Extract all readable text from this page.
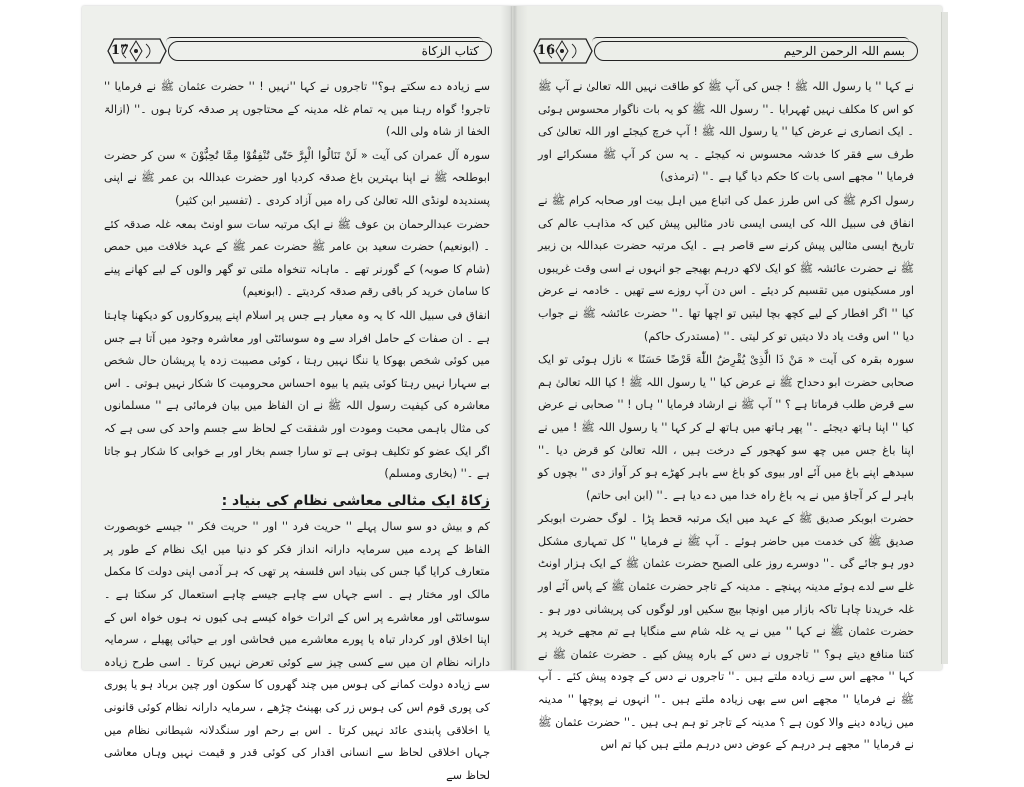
17	کتاب الزکاة

سے زیادہ دے سکتے ہو؟'' تاجروں نے کہا ''نہیں ! '' حضرت عثمان ﷺ نے فرمایا '' تاجرو! گواہ رہنا میں یہ تمام غلہ مدینہ کے محتاجوں پر صدقہ کرتا ہوں ۔'' (ازالۃ الخفا از شاہ ولی اللہ)

سورہ آل عمران کی آیت « لَنْ تَنَالُوا الْبِرَّ حَتّٰی تُنْفِقُوْا مِمَّا تُحِبُّوْنَ » سن کر حضرت ابوطلحہ ﷺ نے اپنا بہترین باغ صدقہ کردیا اور حضرت عبداللہ بن عمر ﷺ نے اپنی پسندیدہ لونڈی اللہ تعالیٰ کی راہ میں آزاد کردی ۔ (تفسیر ابن کثیر)

حضرت عبدالرحمان بن عوف ﷺ نے ایک مرتبہ سات سو اونٹ بمعہ غلہ صدقہ کئے ۔ (ابونعیم) حضرت سعید بن عامر ﷺ حضرت عمر ﷺ کے عہد خلافت میں حمص (شام کا صوبہ) کے گورنر تھے ۔ ماہانہ تنخواہ ملتی تو گھر والوں کے لیے کھانے پینے کا سامان خرید کر باقی رقم صدقہ کردیتے ۔ (ابونعیم)

انفاق فی سبیل اللہ کا یہ وہ معیار ہے جس پر اسلام اپنے پیروکاروں کو دیکھنا چاہتا ہے ۔ ان صفات کے حامل افراد سے وہ سوسائٹی اور معاشرہ وجود میں آتا ہے جس میں کوئی شخص بھوکا یا ننگا نہیں رہتا ، کوئی مصیبت زدہ یا پریشان حال شخص بے سہارا نہیں رہتا کوئی یتیم یا بیوہ احساس محرومیت کا شکار نہیں ہوتی ۔ اس معاشرہ کی کیفیت رسول اللہ ﷺ نے ان الفاظ میں بیان فرمائی ہے '' مسلمانوں کی مثال باہمی محبت ومودت اور شفقت کے لحاظ سے جسم واحد کی سی ہے کہ اگر ایک عضو کو تکلیف ہوتی ہے تو سارا جسم بخار اور بے خوابی کا شکار ہو جاتا ہے ۔'' (بخاری ومسلم)

زکاۃ ایک مثالی معاشی نظام کی بنیاد :

کم و بیش دو سو سال پہلے '' حریت فرد '' اور '' حریت فکر '' جیسے خوبصورت الفاظ کے پردے میں سرمایہ دارانہ انداز فکر کو دنیا میں ایک نظام کے طور پر متعارف کرایا گیا جس کی بنیاد اس فلسفہ پر تھی کہ ہر آدمی اپنی دولت کا مکمل مالک اور مختار ہے ۔ اسے جہاں سے چاہے جیسے چاہے استعمال کر سکتا ہے ۔ سوسائٹی اور معاشرے پر اس کے اثرات خواہ کیسے ہی کیوں نہ ہوں خواہ اس کے اپنا اخلاق اور کردار تباہ یا پورے معاشرے میں فحاشی اور بے حیائی پھیلے ، سرمایہ دارانہ نظام ان میں سے کسی چیز سے کوئی تعرض نہیں کرتا ۔ اسی طرح زیادہ سے زیادہ دولت کمانے کی ہوس میں چند گھروں کا سکون اور چین برباد ہو یا پوری کی پوری قوم اس کی ہوس زر کی بھینٹ چڑھے ، سرمایہ دارانہ نظام کوئی قانونی یا اخلاقی پابندی عائد نہیں کرتا ۔ اس بے رحم اور سنگدلانہ شیطانی نظام میں جہاں اخلاقی لحاظ سے انسانی اقدار کی کوئی قدر و قیمت نہیں وہاں معاشی لحاظ سے

16	بسم اللہ الرحمن الرحیم

نے کہا '' یا رسول اللہ ﷺ ! جس کی آپ ﷺ کو طاقت نہیں اللہ تعالیٰ نے آپ ﷺ کو اس کا مکلف نہیں ٹھہرایا ۔'' رسول اللہ ﷺ کو یہ بات ناگوار محسوس ہوئی ۔ ایک انصاری نے عرض کیا '' یا رسول اللہ ﷺ ! آپ خرچ کیجئے اور اللہ تعالیٰ کی طرف سے فقر کا خدشہ محسوس نہ کیجئے ۔ یہ سن کر آپ ﷺ مسکرائے اور فرمایا '' مجھے اسی بات کا حکم دیا گیا ہے ۔'' (ترمذی)

رسول اکرم ﷺ کی اس طرز عمل کی اتباع میں اہل بیت اور صحابہ کرام ﷺ نے انفاق فی سبیل اللہ کی ایسی ایسی نادر مثالیں پیش کیں کہ مذاہب عالم کی تاریخ ایسی مثالیں پیش کرنے سے قاصر ہے ۔ ایک مرتبہ حضرت عبداللہ بن زبیر ﷺ نے حضرت عائشہ ﷺ کو ایک لاکھ درہم بھیجے جو انہوں نے اسی وقت غریبوں اور مسکینوں میں تقسیم کر دیئے ۔ اس دن آپ روزے سے تھیں ۔ خادمہ نے عرض کیا '' اگر افطار کے لیے کچھ بچا لیتیں تو اچھا تھا ۔'' حضرت عائشہ ﷺ نے جواب دیا '' اس وقت یاد دلا دیتیں تو کر لیتی ۔'' (مستدرک حاکم)

سورہ بقرہ کی آیت « مَنْ ذَا الَّذِیْ یُقْرِضُ اللّٰهَ قَرْضًا حَسَنًا » نازل ہوئی تو ایک صحابی حضرت ابو دحداح ﷺ نے عرض کیا '' یا رسول اللہ ﷺ ! کیا اللہ تعالیٰ ہم سے قرض طلب فرماتا ہے ؟ '' آپ ﷺ نے ارشاد فرمایا '' ہاں ! '' صحابی نے عرض کیا '' اپنا ہاتھ دیجئے ۔'' پھر ہاتھ میں ہاتھ لے کر کہا '' یا رسول اللہ ﷺ ! میں نے اپنا باغ جس میں چھ سو کھجور کے درخت ہیں ، اللہ تعالیٰ کو قرض دیا ۔'' سیدھے اپنے باغ میں آئے اور بیوی کو باغ سے باہر کھڑے ہو کر آواز دی '' بچوں کو باہر لے کر آجاؤ میں نے یہ باغ راہ خدا میں دے دیا ہے ۔'' (ابن ابی حاتم)

حضرت ابوبکر صدیق ﷺ کے عہد میں ایک مرتبہ قحط پڑا ۔ لوگ حضرت ابوبکر صدیق ﷺ کی خدمت میں حاضر ہوئے ۔ آپ ﷺ نے فرمایا '' کل تمہاری مشکل دور ہو جائے گی ۔'' دوسرے روز علی الصبح حضرت عثمان ﷺ کے ایک ہزار اونٹ غلے سے لدے ہوئے مدینہ پہنچے ۔ مدینہ کے تاجر حضرت عثمان ﷺ کے پاس آئے اور غلہ خریدنا چاہا تاکہ بازار میں اونچا بیچ سکیں اور لوگوں کی پریشانی دور ہو ۔ حضرت عثمان ﷺ نے کہا '' میں نے یہ غلہ شام سے منگایا ہے تم مجھے خرید پر کتنا منافع دیتے ہو؟ '' تاجروں نے دس کے بارہ پیش کیے ۔ حضرت عثمان ﷺ نے کہا '' مجھے اس سے زیادہ ملتے ہیں ۔'' تاجروں نے دس کے چودہ پیش کئے ۔ آپ ﷺ نے فرمایا '' مجھے اس سے بھی زیادہ ملتے ہیں ۔'' انہوں نے پوچھا '' مدینہ میں زیادہ دینے والا کون ہے ؟ مدینہ کے تاجر تو ہم ہی ہیں ۔'' حضرت عثمان ﷺ نے فرمایا '' مجھے ہر درہم کے عوض دس درہم ملتے ہیں کیا تم اس
